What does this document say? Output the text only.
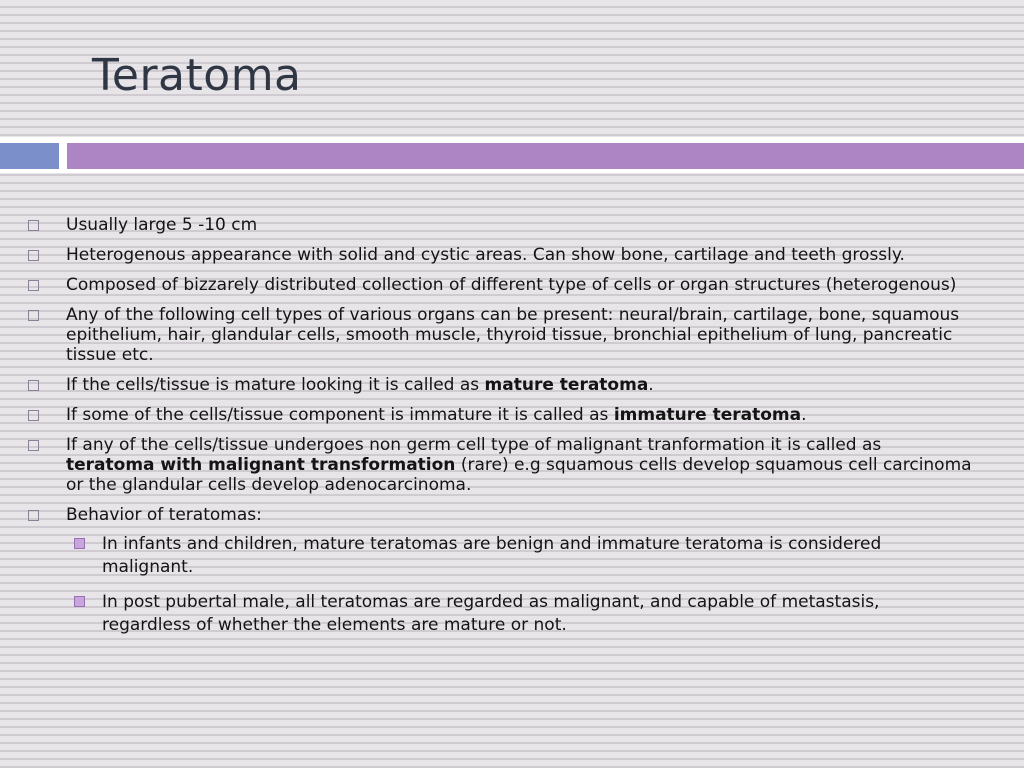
Teratoma
Usually large 5 -10 cm
Heterogenous appearance with solid and cystic areas. Can show bone, cartilage and teeth grossly.
Composed of bizzarely distributed collection of different type of cells or organ structures (heterogenous)
Any of the following cell types of various organs can be present: neural/brain, cartilage, bone, squamous epithelium, hair, glandular cells, smooth muscle, thyroid tissue, bronchial epithelium of lung, pancreatic tissue etc.
If the cells/tissue is mature looking it is called as mature teratoma.
If some of the cells/tissue component is immature it is called as immature teratoma.
If any of the cells/tissue undergoes non germ cell type of malignant tranformation it is called as teratoma with malignant transformation (rare) e.g squamous cells develop squamous cell carcinoma or the glandular cells develop adenocarcinoma.
Behavior of teratomas:
In infants and children, mature teratomas are benign and immature teratoma is considered malignant.
In post pubertal male, all teratomas are regarded as malignant, and capable of metastasis, regardless of whether the elements are mature or not.
